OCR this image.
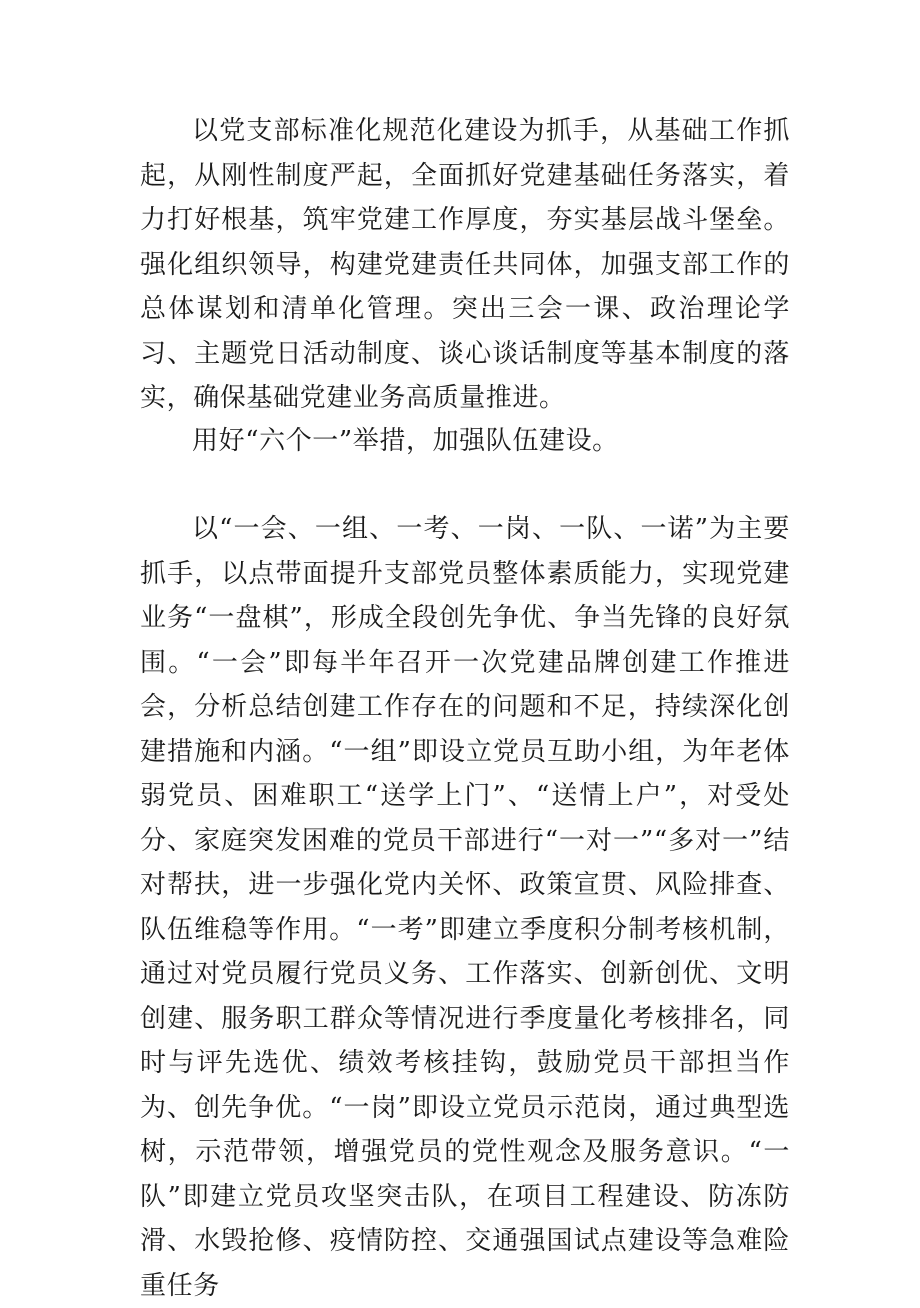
以党支部标准化规范化建设为抓手，从基础工作抓起，从刚性制度严起，全面抓好党建基础任务落实，着力打好根基，筑牢党建工作厚度，夯实基层战斗堡垒。强化组织领导，构建党建责任共同体，加强支部工作的总体谋划和清单化管理。突出三会一课、政治理论学习、主题党日活动制度、谈心谈话制度等基本制度的落实，确保基础党建业务高质量推进。

用好“六个一”举措，加强队伍建设。

以“一会、一组、一考、一岗、一队、一诺”为主要抓手，以点带面提升支部党员整体素质能力，实现党建业务“一盘棋”，形成全段创先争优、争当先锋的良好氛围。“一会”即每半年召开一次党建品牌创建工作推进会，分析总结创建工作存在的问题和不足，持续深化创建措施和内涵。“一组”即设立党员互助小组，为年老体弱党员、困难职工“送学上门”、“送情上户”，对受处分、家庭突发困难的党员干部进行“一对一”“多对一”结对帮扶，进一步强化党内关怀、政策宣贯、风险排查、队伍维稳等作用。“一考”即建立季度积分制考核机制，通过对党员履行党员义务、工作落实、创新创优、文明创建、服务职工群众等情况进行季度量化考核排名，同时与评先选优、绩效考核挂钩，鼓励党员干部担当作为、创先争优。“一岗”即设立党员示范岗，通过典型选树，示范带领，增强党员的党性观念及服务意识。“一队”即建立党员攻坚突击队，在项目工程建设、防冻防滑、水毁抢修、疫情防控、交通强国试点建设等急难险重任务
